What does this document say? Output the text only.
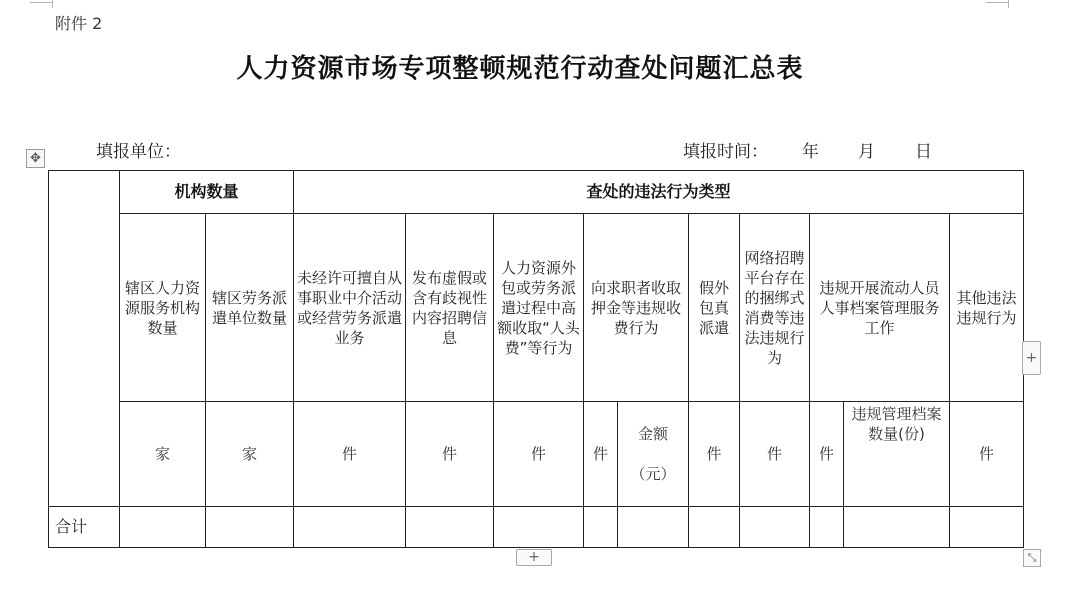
附件 2
人力资源市场专项整顿规范行动查处问题汇总表
填报单位：	填报时间： 年 月 日
✥
	机构数量		查处的违法行为类型									
	辖区人力资源服务机构数量	辖区劳务派遣单位数量	未经许可擅自从事职业中介活动或经营劳务派遣业务	发布虚假或含有歧视性内容招聘信息	人力资源外包或劳务派遣过程中高额收取“人头费”等行为	向求职者收取押金等违规收费行为		假外包真派遣	网络招聘平台存在的捆绑式消费等违法违规行为	违规开展流动人员人事档案管理服务工作		其他违法违规行为
	家	家	件	件	件	件	金额（元）	件	件	件	违规管理档案数量(份)	件
合计												
+
+	⤡
